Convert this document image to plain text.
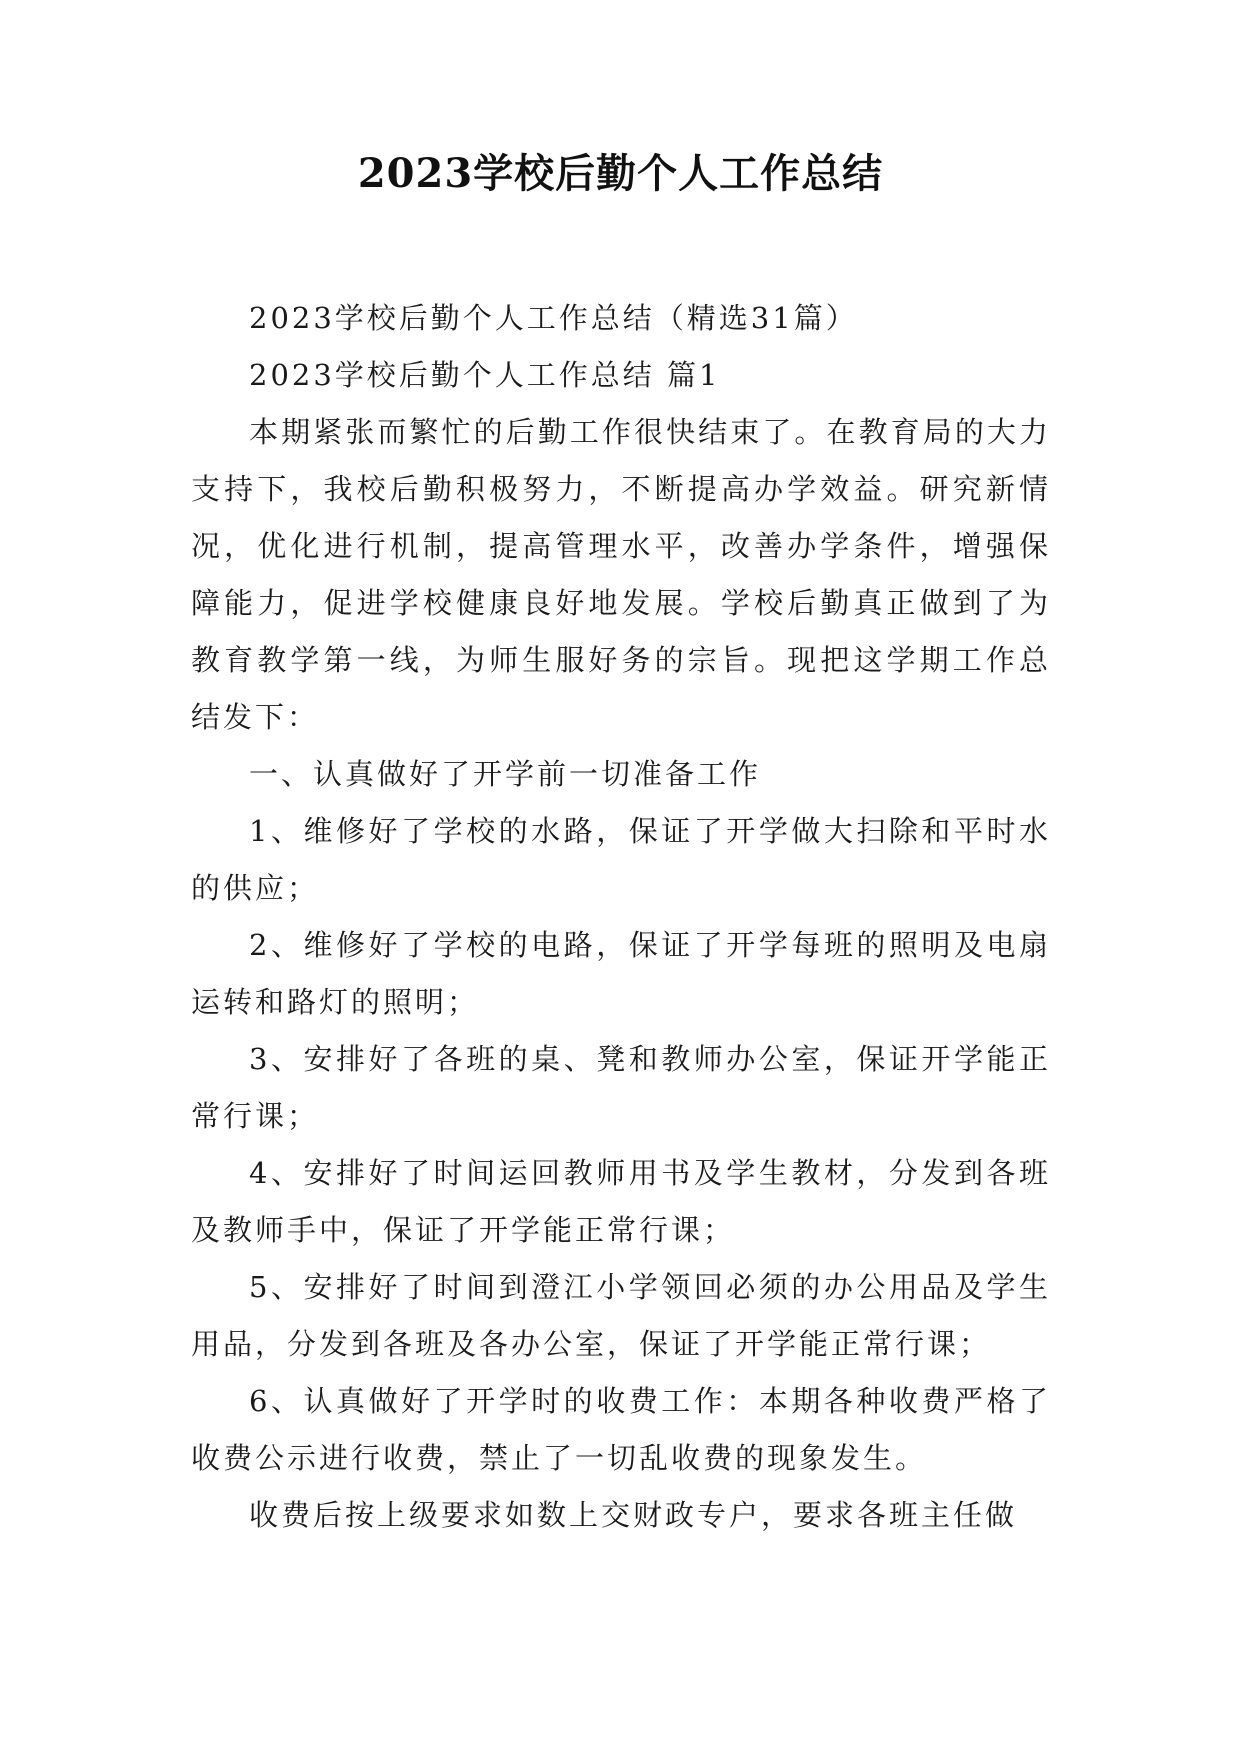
2023学校后勤个人工作总结

2023学校后勤个人工作总结（精选31篇）

2023学校后勤个人工作总结 篇1

本期紧张而繁忙的后勤工作很快结束了。在教育局的大力支持下，我校后勤积极努力，不断提高办学效益。研究新情况，优化进行机制，提高管理水平，改善办学条件，增强保障能力，促进学校健康良好地发展。学校后勤真正做到了为教育教学第一线，为师生服好务的宗旨。现把这学期工作总结发下：

一、认真做好了开学前一切准备工作

1、维修好了学校的水路，保证了开学做大扫除和平时水的供应；

2、维修好了学校的电路，保证了开学每班的照明及电扇运转和路灯的照明；

3、安排好了各班的桌、凳和教师办公室，保证开学能正常行课；

4、安排好了时间运回教师用书及学生教材，分发到各班及教师手中，保证了开学能正常行课；

5、安排好了时间到澄江小学领回必须的办公用品及学生用品，分发到各班及各办公室，保证了开学能正常行课；

6、认真做好了开学时的收费工作：本期各种收费严格了收费公示进行收费，禁止了一切乱收费的现象发生。

收费后按上级要求如数上交财政专户，要求各班主任做
